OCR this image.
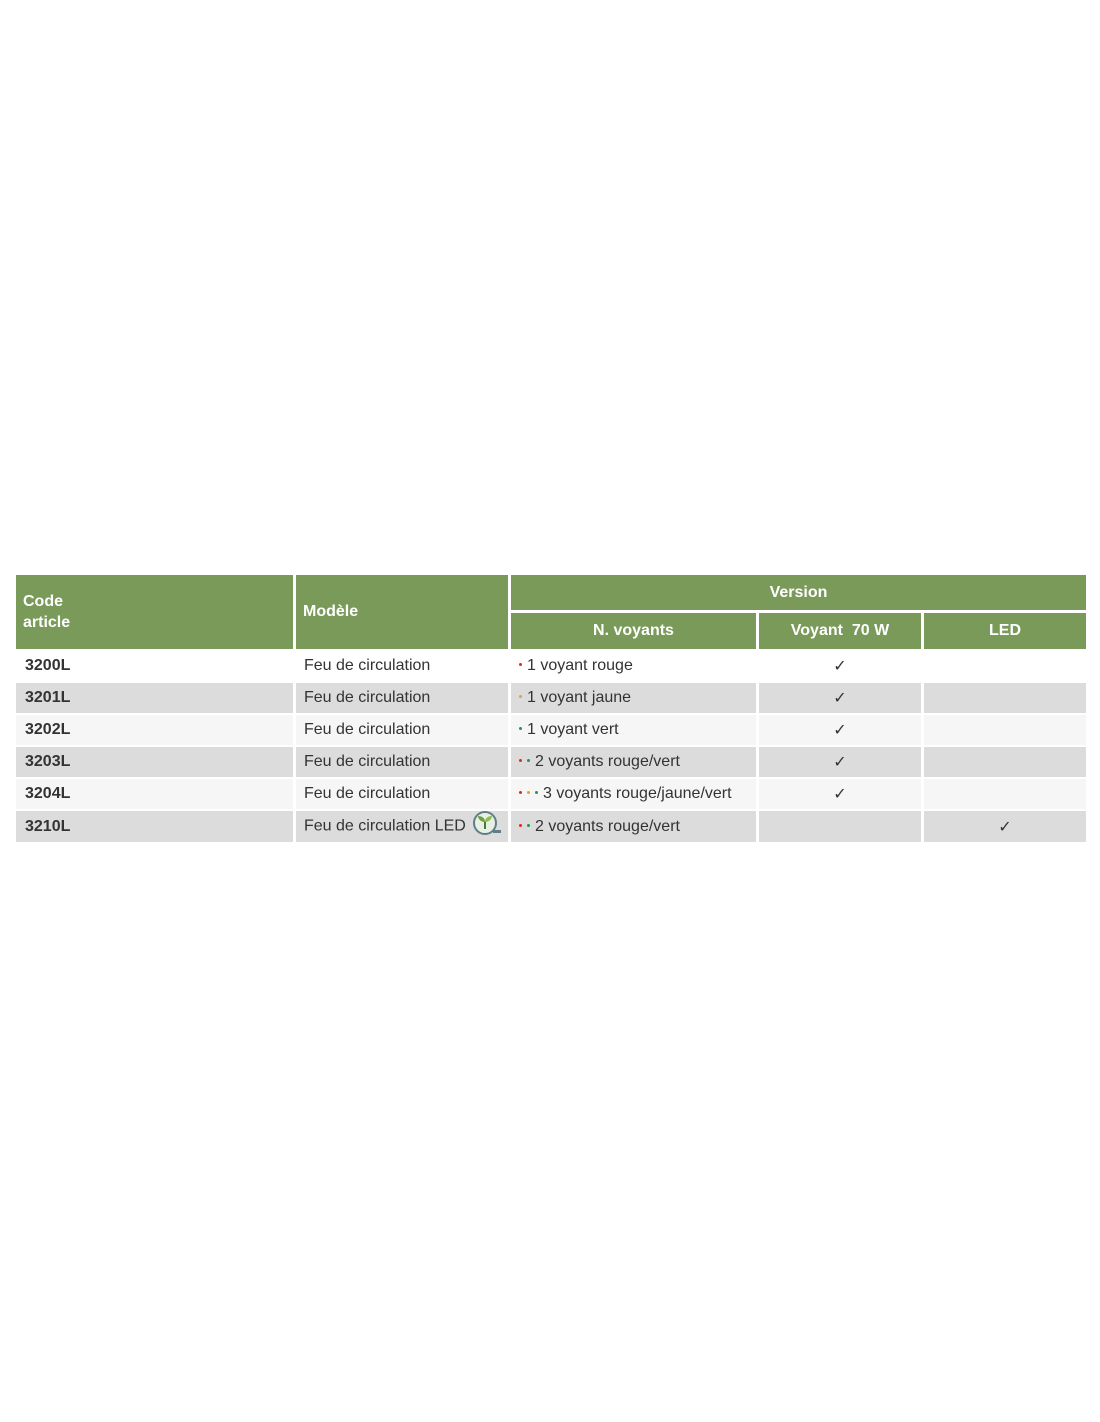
Code article	Modèle	Version		
		N. voyants	Voyant  70 W	LED
3200L	Feu de circulation	1 voyant rouge	✓	
3201L	Feu de circulation	1 voyant jaune	✓	
3202L	Feu de circulation	1 voyant vert	✓	
3203L	Feu de circulation	2 voyants rouge/vert	✓	
3204L	Feu de circulation	3 voyants rouge/jaune/vert	✓	
3210L	Feu de circulation LED	2 voyants rouge/vert		✓
